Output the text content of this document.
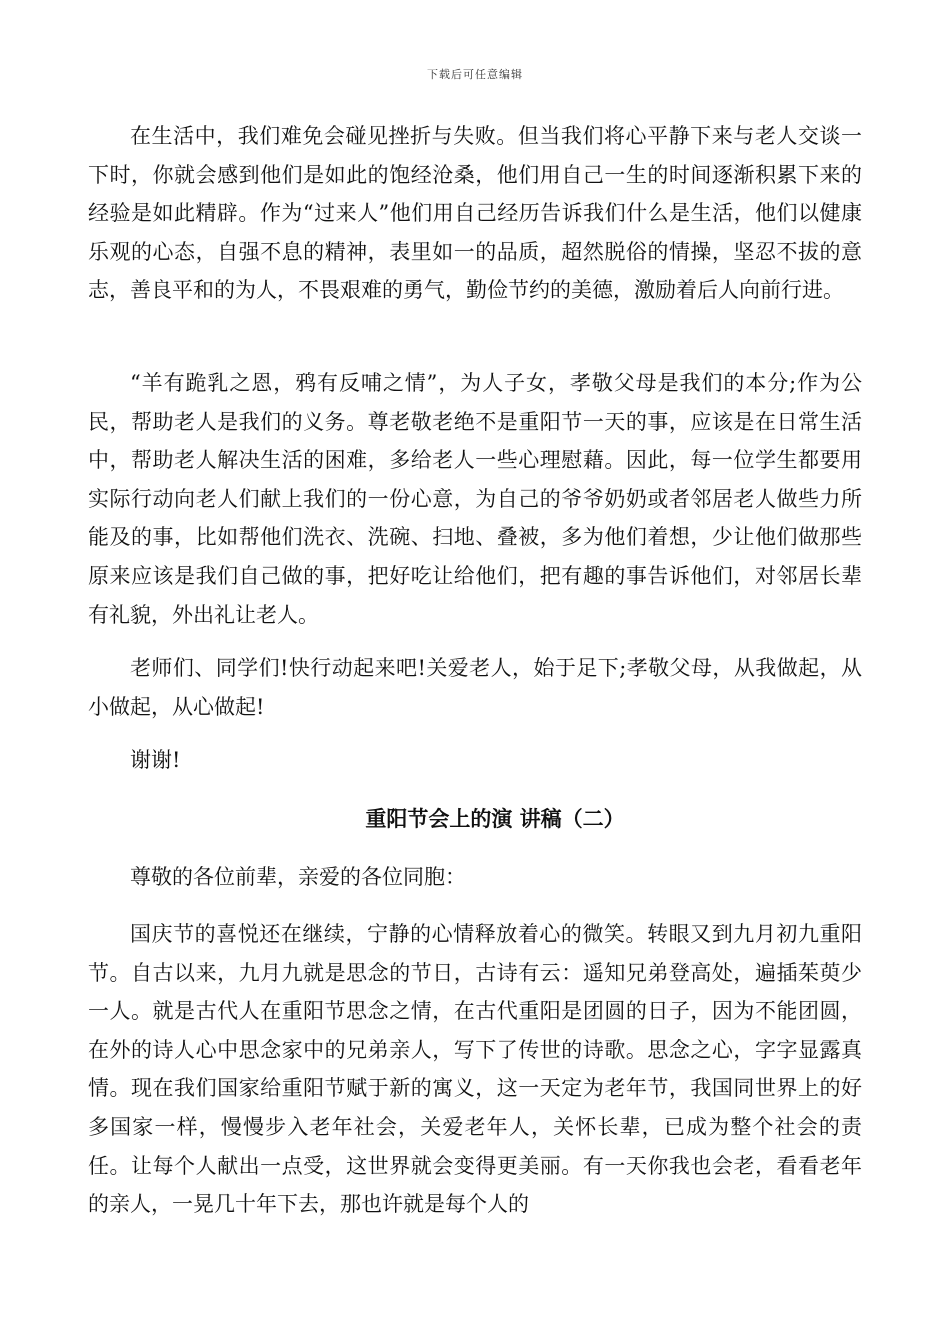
下载后可任意编辑

在生活中，我们难免会碰见挫折与失败。但当我们将心平静下来与老人交谈一下时，你就会感到他们是如此的饱经沧桑，他们用自己一生的时间逐渐积累下来的经验是如此精辟。作为“过来人”他们用自己经历告诉我们什么是生活，他们以健康乐观的心态，自强不息的精神，表里如一的品质，超然脱俗的情操，坚忍不拔的意志，善良平和的为人，不畏艰难的勇气，勤俭节约的美德，激励着后人向前行进。

“羊有跪乳之恩，鸦有反哺之情”，为人子女，孝敬父母是我们的本分;作为公民，帮助老人是我们的义务。尊老敬老绝不是重阳节一天的事，应该是在日常生活中，帮助老人解决生活的困难，多给老人一些心理慰藉。因此，每一位学生都要用实际行动向老人们献上我们的一份心意，为自己的爷爷奶奶或者邻居老人做些力所能及的事，比如帮他们洗衣、洗碗、扫地、叠被，多为他们着想，少让他们做那些原来应该是我们自己做的事，把好吃让给他们，把有趣的事告诉他们，对邻居长辈有礼貌，外出礼让老人。

老师们、同学们!快行动起来吧!关爱老人，始于足下;孝敬父母，从我做起，从小做起，从心做起!

谢谢!

重阳节会上的演 讲稿（二）

尊敬的各位前辈，亲爱的各位同胞：

国庆节的喜悦还在继续，宁静的心情释放着心的微笑。转眼又到九月初九重阳节。自古以来，九月九就是思念的节日，古诗有云：遥知兄弟登高处，遍插茱萸少一人。就是古代人在重阳节思念之情，在古代重阳是团圆的日子，因为不能团圆，在外的诗人心中思念家中的兄弟亲人，写下了传世的诗歌。思念之心，字字显露真情。现在我们国家给重阳节赋于新的寓义，这一天定为老年节，我国同世界上的好多国家一样，慢慢步入老年社会，关爱老年人，关怀长辈，已成为整个社会的责任。让每个人献出一点受，这世界就会变得更美丽。有一天你我也会老，看看老年的亲人，一晃几十年下去，那也许就是每个人的
